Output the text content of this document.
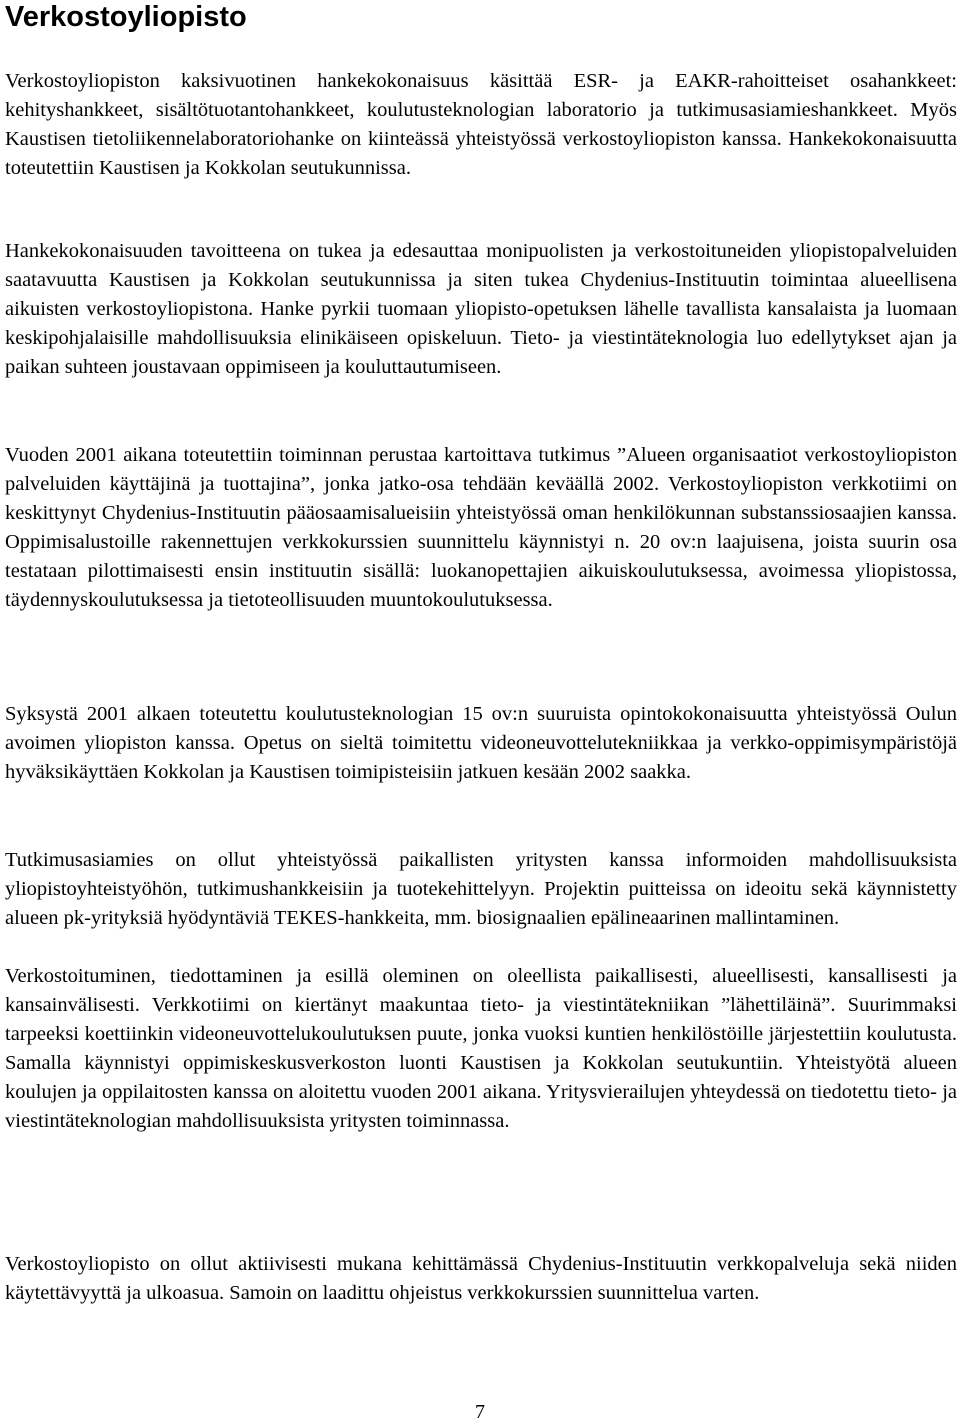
Verkostoyliopisto

Verkostoyliopiston kaksivuotinen hankekokonaisuus käsittää ESR- ja EAKR-rahoitteiset osahankkeet: kehityshankkeet, sisältötuotantohankkeet, koulutusteknologian laboratorio ja tutkimusasiamieshankkeet. Myös Kaustisen tietoliikennelaboratoriohanke on kiinteässä yhteistyössä verkostoyliopiston kanssa. Hankekokonaisuutta toteutettiin Kaustisen ja Kokkolan seutukunnissa.

Hankekokonaisuuden tavoitteena on tukea ja edesauttaa monipuolisten ja verkostoituneiden yliopistopalveluiden saatavuutta Kaustisen ja Kokkolan seutukunnissa ja siten tukea Chydenius-Instituutin toimintaa alueellisena aikuisten verkostoyliopistona. Hanke pyrkii tuomaan yliopisto-opetuksen lähelle tavallista kansalaista ja luomaan keskipohjalaisille mahdollisuuksia elinikäiseen opiskeluun. Tieto- ja viestintäteknologia luo edellytykset ajan ja paikan suhteen joustavaan oppimiseen ja kouluttautumiseen.

Vuoden 2001 aikana toteutettiin toiminnan perustaa kartoittava tutkimus ”Alueen organisaatiot verkostoyliopiston palveluiden käyttäjinä ja tuottajina”, jonka jatko-osa tehdään keväällä 2002. Verkostoyliopiston verkkotiimi on keskittynyt Chydenius-Instituutin pääosaamisalueisiin yhteistyössä oman henkilökunnan substanssiosaajien kanssa. Oppimisalustoille rakennettujen verkkokurssien suunnittelu käynnistyi n. 20 ov:n laajuisena, joista suurin osa testataan pilottimaisesti ensin instituutin sisällä: luokanopettajien aikuiskoulutuksessa, avoimessa yliopistossa, täydennyskoulutuksessa ja tietoteollisuuden muuntokoulutuksessa.

Syksystä 2001 alkaen toteutettu koulutusteknologian 15 ov:n suuruista opintokokonaisuutta yhteistyössä Oulun avoimen yliopiston kanssa. Opetus on sieltä toimitettu videoneuvottelutekniikkaa ja verkko-oppimisympäristöjä hyväksikäyttäen Kokkolan ja Kaustisen toimipisteisiin jatkuen kesään 2002 saakka.

Tutkimusasiamies on ollut yhteistyössä paikallisten yritysten kanssa informoiden mahdollisuuksista yliopistoyhteistyöhön, tutkimushankkeisiin ja tuotekehittelyyn. Projektin puitteissa on ideoitu sekä käynnistetty alueen pk-yrityksiä hyödyntäviä TEKES-hankkeita, mm. biosignaalien epälineaarinen mallintaminen.

Verkostoituminen, tiedottaminen ja esillä oleminen on oleellista paikallisesti, alueellisesti, kansallisesti ja kansainvälisesti. Verkkotiimi on kiertänyt maakuntaa tieto- ja viestintätekniikan ”lähettiläinä”. Suurimmaksi tarpeeksi koettiinkin videoneuvottelukoulutuksen puute, jonka vuoksi kuntien henkilöstöille järjestettiin koulutusta. Samalla käynnistyi oppimiskeskusverkoston luonti Kaustisen ja Kokkolan seutukuntiin. Yhteistyötä alueen koulujen ja oppilaitosten kanssa on aloitettu vuoden 2001 aikana. Yritysvierailujen yhteydessä on tiedotettu tieto- ja viestintäteknologian mahdollisuuksista yritysten toiminnassa.

Verkostoyliopisto on ollut aktiivisesti mukana kehittämässä Chydenius-Instituutin verkkopalveluja sekä niiden käytettävyyttä ja ulkoasua. Samoin on laadittu ohjeistus verkkokurssien suunnittelua varten.

7
